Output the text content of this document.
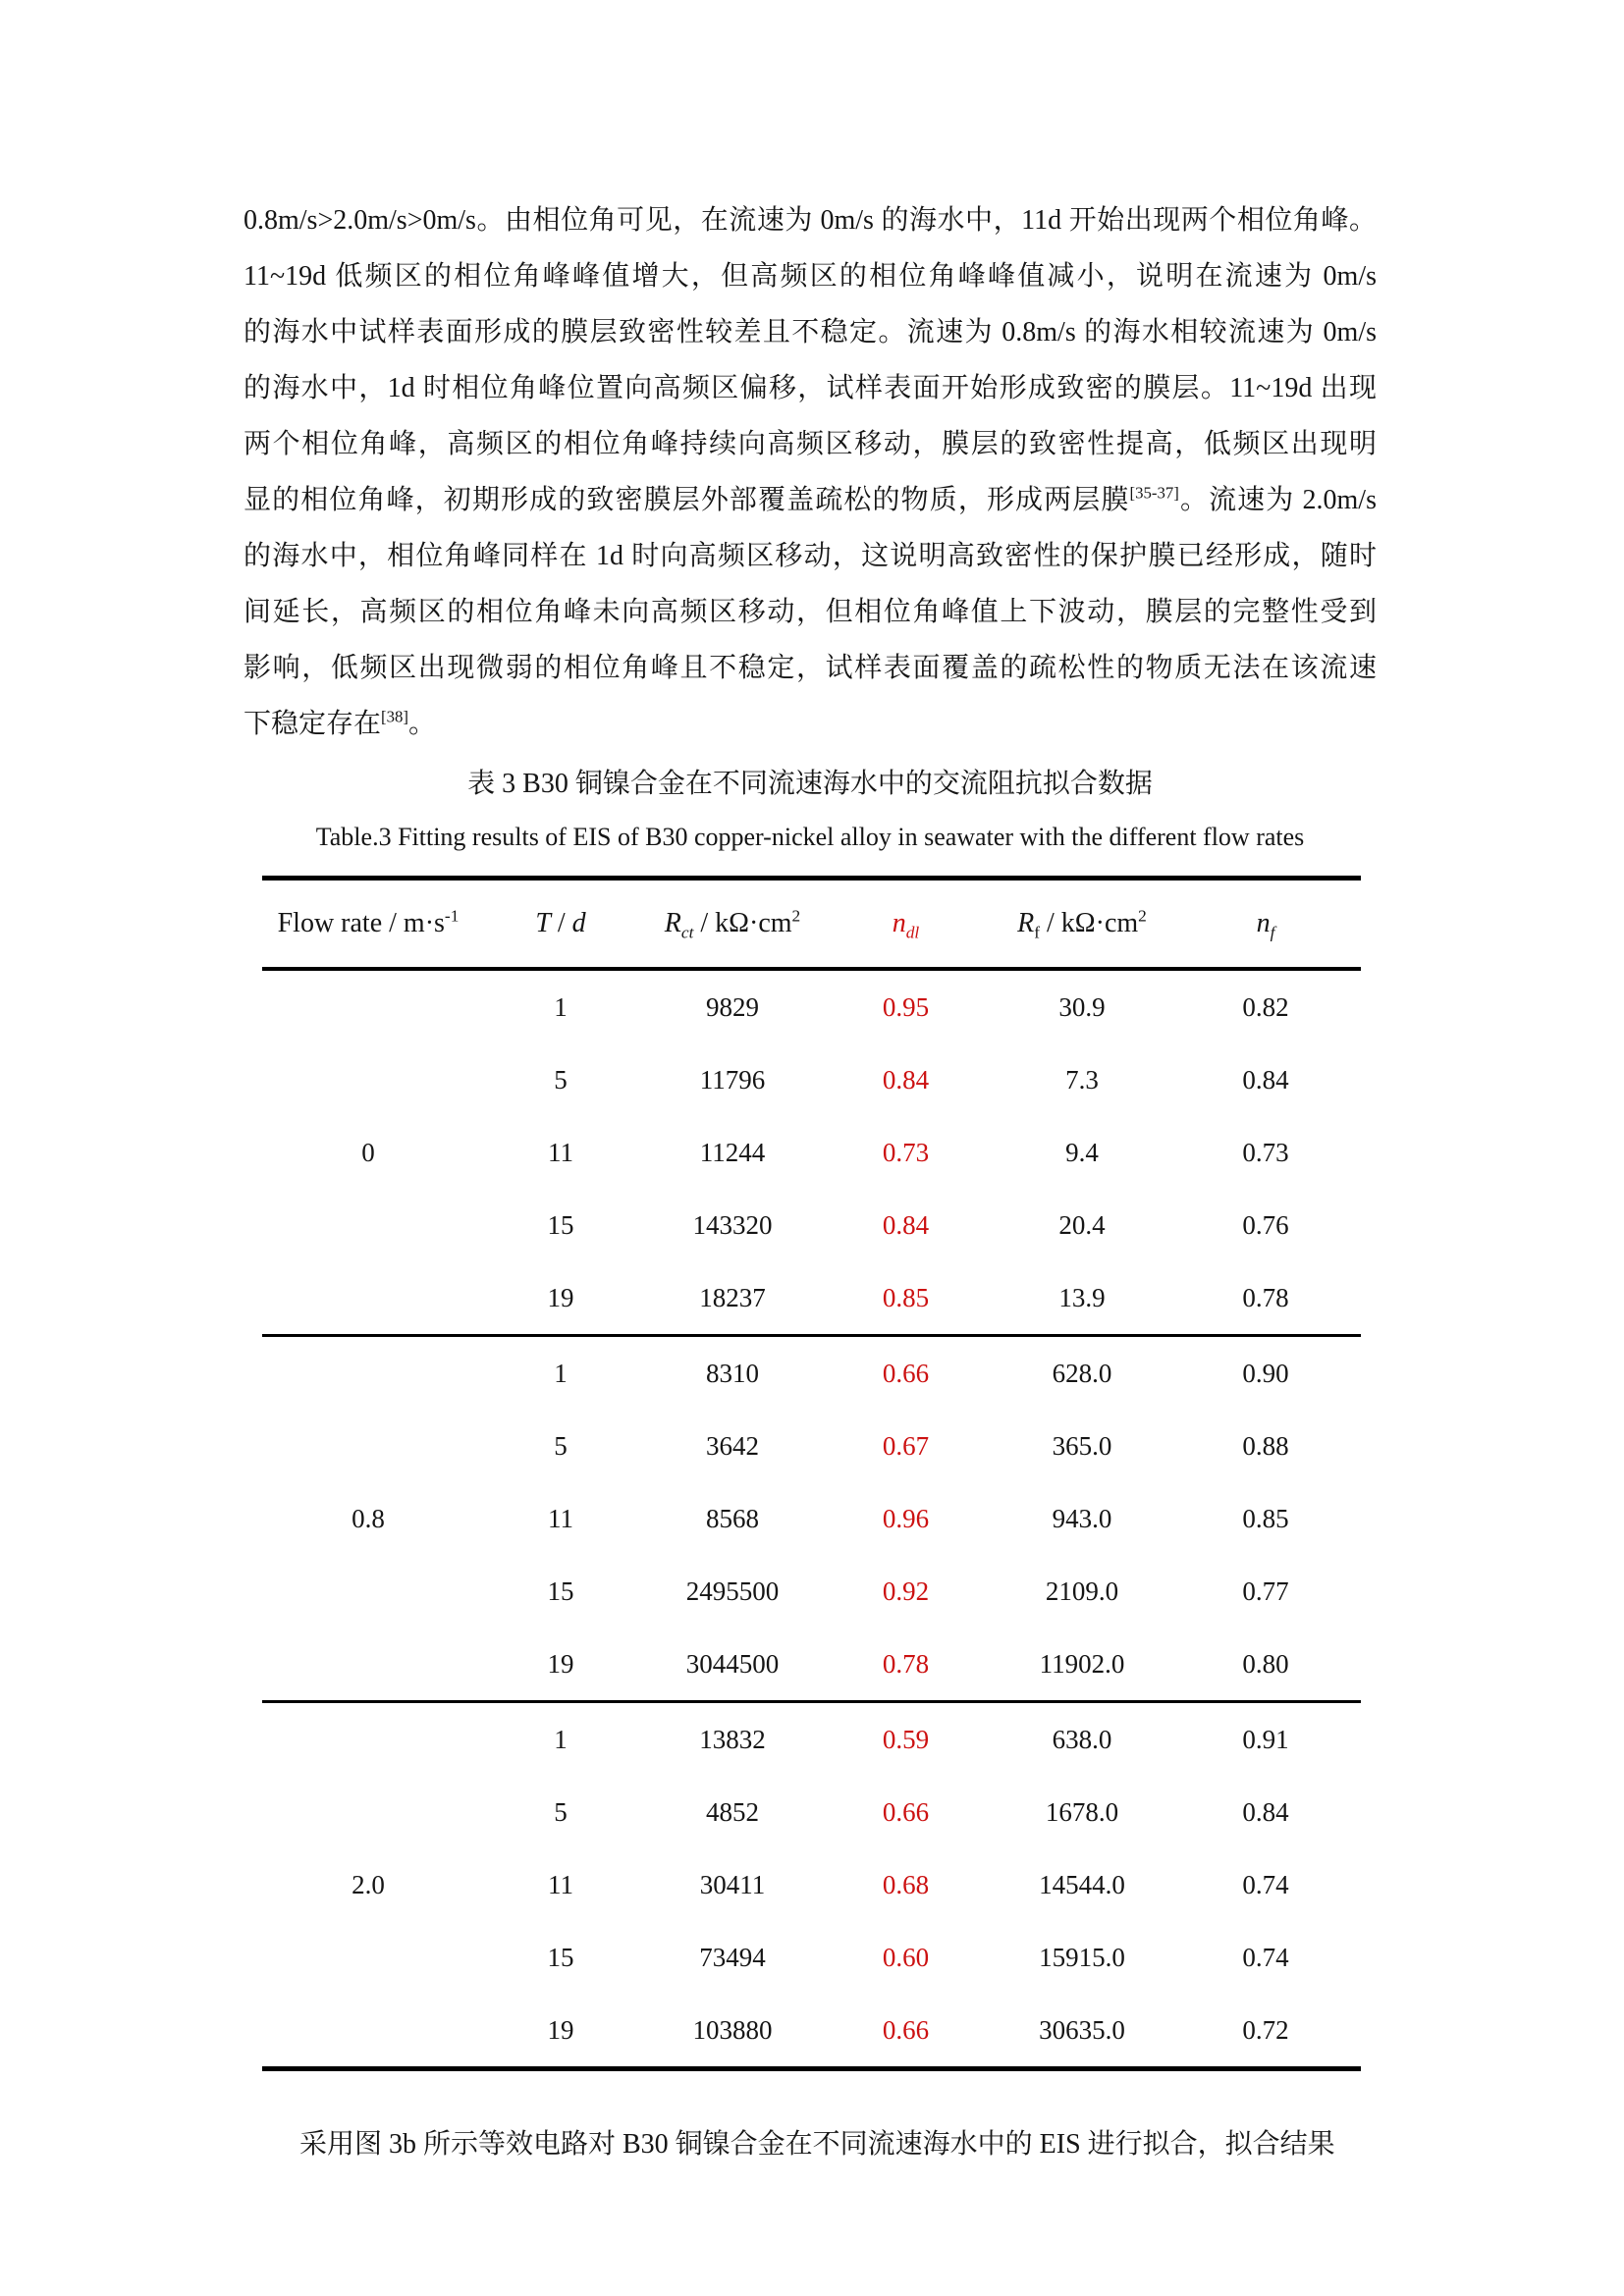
0.8m/s>2.0m/s>0m/s。由相位角可见，在流速为 0m/s 的海水中，11d 开始出现两个相位角峰。
11~19d 低频区的相位角峰峰值增大，但高频区的相位角峰峰值减小，说明在流速为 0m/s
的海水中试样表面形成的膜层致密性较差且不稳定。流速为 0.8m/s 的海水相较流速为 0m/s
的海水中，1d 时相位角峰位置向高频区偏移，试样表面开始形成致密的膜层。11~19d 出现
两个相位角峰，高频区的相位角峰持续向高频区移动，膜层的致密性提高，低频区出现明
显的相位角峰，初期形成的致密膜层外部覆盖疏松的物质，形成两层膜[35-37]。流速为 2.0m/s
的海水中，相位角峰同样在 1d 时向高频区移动，这说明高致密性的保护膜已经形成，随时
间延长，高频区的相位角峰未向高频区移动，但相位角峰值上下波动，膜层的完整性受到
影响，低频区出现微弱的相位角峰且不稳定，试样表面覆盖的疏松性的物质无法在该流速
下稳定存在[38]。
表 3 B30 铜镍合金在不同流速海水中的交流阻抗拟合数据
Table.3 Fitting results of EIS of B30 copper-nickel alloy in seawater with the different flow rates
Flow rate / $m\cdot s^{-1}$	T / d	$R_{ct} / k\Omega\cdot cm^2$	$n_{dl}$	$R_f / k\Omega\cdot cm^2$	$n_f$
0	1	9829	0.95	30.9	0.82
	5	11796	0.84	7.3	0.84
	11	11244	0.73	9.4	0.73
	15	143320	0.84	20.4	0.76
	19	18237	0.85	13.9	0.78
0.8	1	8310	0.66	628.0	0.90
	5	3642	0.67	365.0	0.88
	11	8568	0.96	943.0	0.85
	15	2495500	0.92	2109.0	0.77
	19	3044500	0.78	11902.0	0.80
2.0	1	13832	0.59	638.0	0.91
	5	4852	0.66	1678.0	0.84
	11	30411	0.68	14544.0	0.74
	15	73494	0.60	15915.0	0.74
	19	103880	0.66	30635.0	0.72
采用图 3b 所示等效电路对 B30 铜镍合金在不同流速海水中的 EIS 进行拟合，拟合结果
